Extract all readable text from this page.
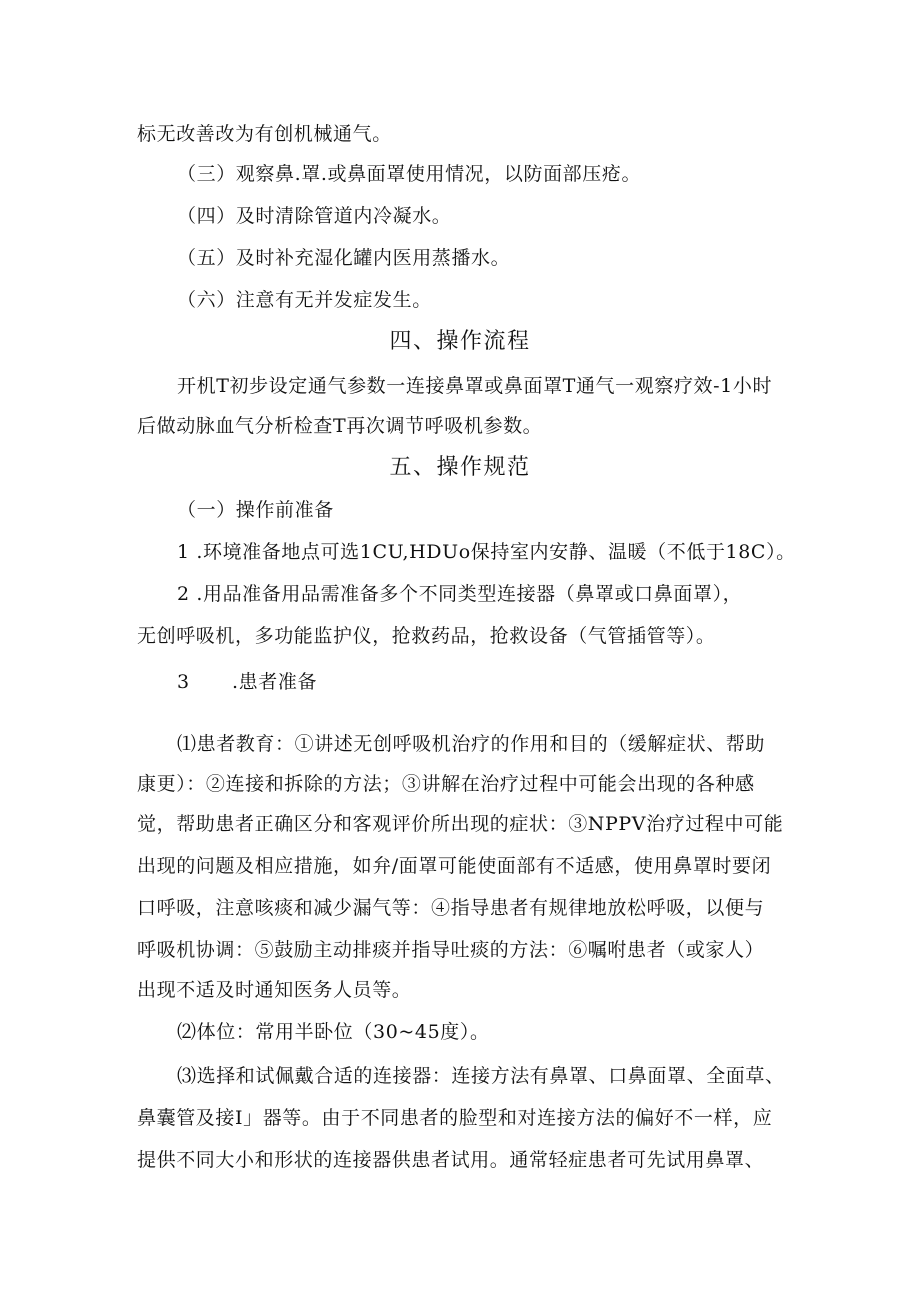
标无改善改为有创机械通气。
（三）观察鼻.罩.或鼻面罩使用情况，以防面部压疮。
（四）及时清除管道内冷凝水。
（五）及时补充湿化罐内医用蒸播水。
（六）注意有无并发症发生。
四、操作流程
开机T初步设定通气参数一连接鼻罩或鼻面罩T通气一观察疗效-1小时
后做动脉血气分析检查T再次调节呼吸机参数。
五、操作规范
（一）操作前准备
1 .环境准备地点可选1CU,HDUo保持室内安静、温暖（不低于18C）。
2 .用品准备用品需准备多个不同类型连接器（鼻罩或口鼻面罩），
无创呼吸机，多功能监护仪，抢救药品，抢救设备（气管插管等）。
3 .患者准备
⑴患者教育：①讲述无创呼吸机治疗的作用和目的（缓解症状、帮助
康更）：②连接和拆除的方法；③讲解在治疗过程中可能会出现的各种感
觉，帮助患者正确区分和客观评价所出现的症状：③NPPV治疗过程中可能
出现的问题及相应措施，如弁/面罩可能使面部有不适感，使用鼻罩时要闭
口呼吸，注意咳痰和减少漏气等：④指导患者有规律地放松呼吸，以便与
呼吸机协调：⑤鼓励主动排痰并指导吐痰的方法：⑥嘱咐患者（或家人）
出现不适及时通知医务人员等。
⑵体位：常用半卧位（30~45度）。
⑶选择和试佩戴合适的连接器：连接方法有鼻罩、口鼻面罩、全面草、
鼻囊管及接I」器等。由于不同患者的脸型和对连接方法的偏好不一样，应
提供不同大小和形状的连接器供患者试用。通常轻症患者可先试用鼻罩、
